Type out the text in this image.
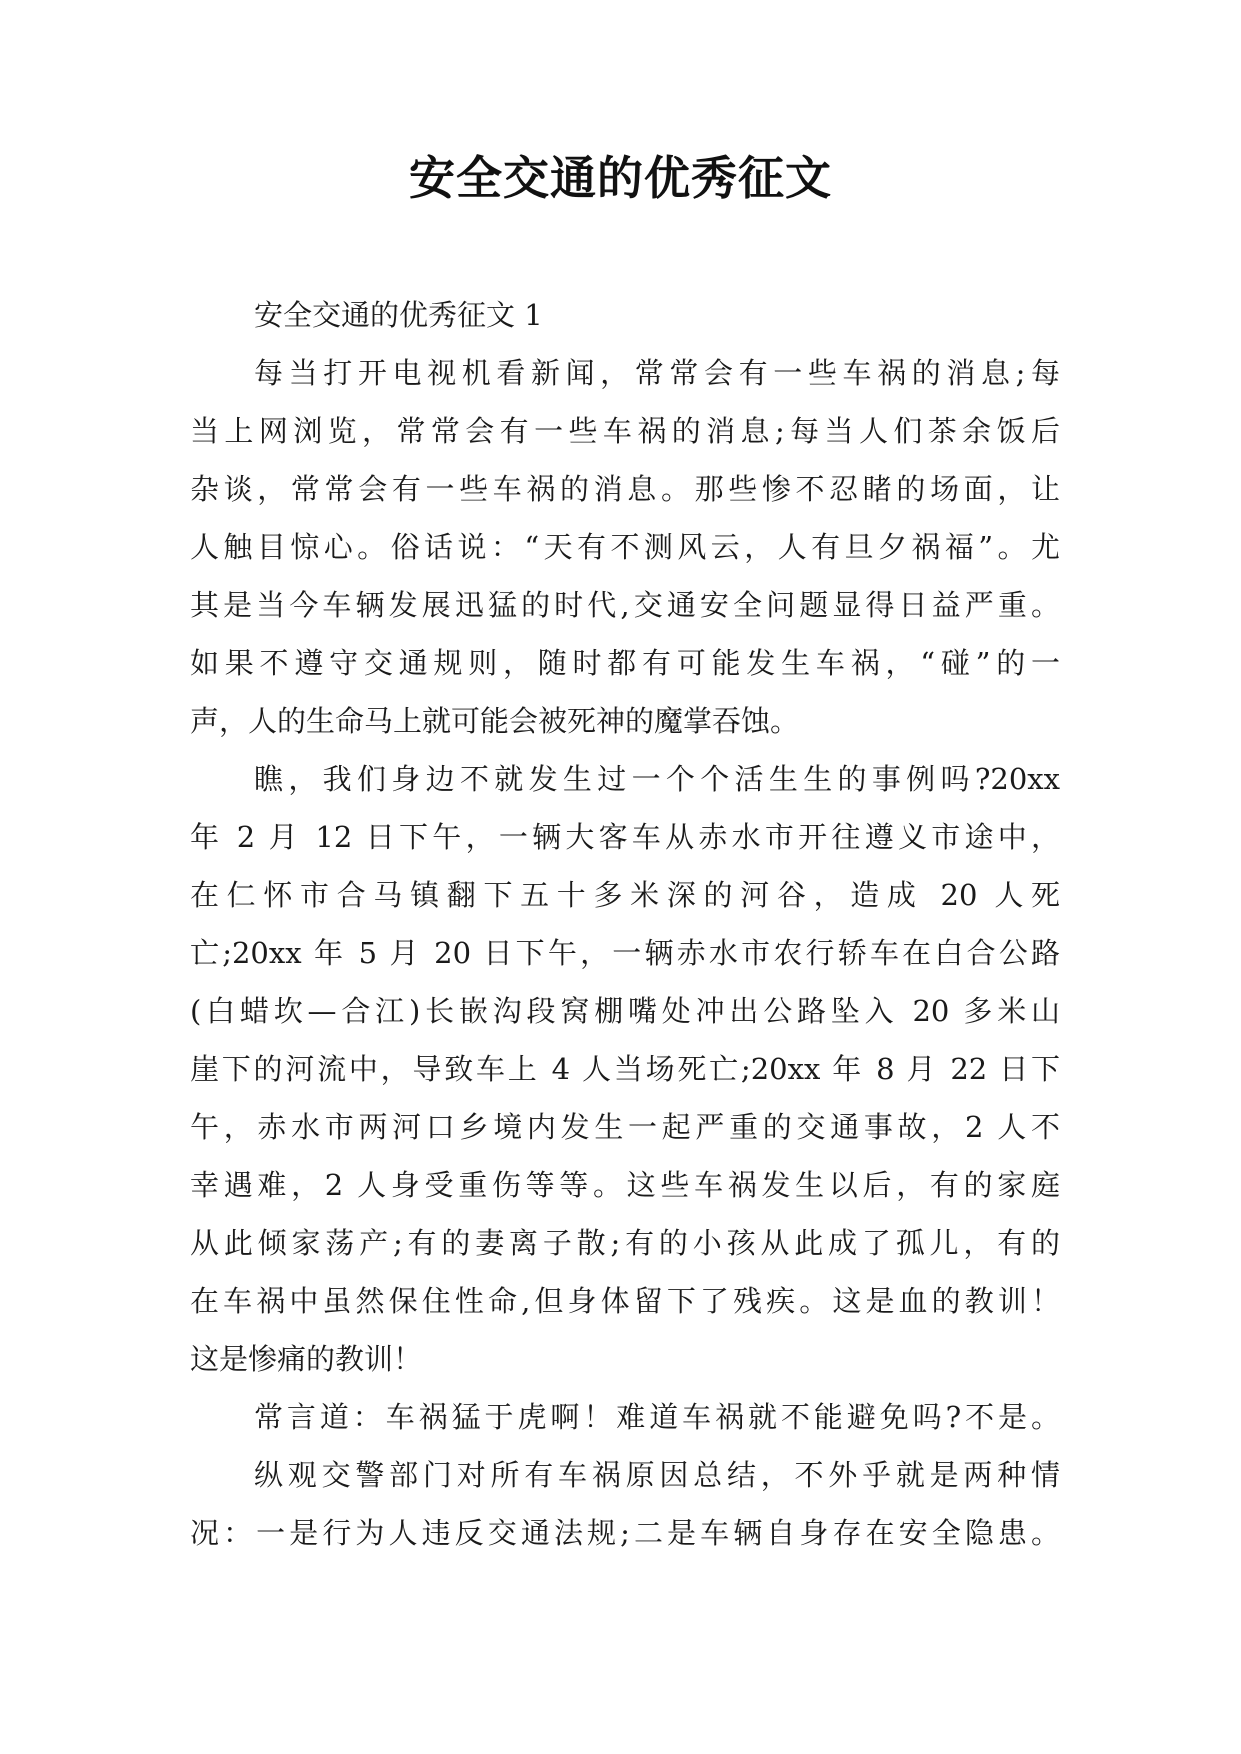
安全交通的优秀征文
安全交通的优秀征文 1
每当打开电视机看新闻，常常会有一些车祸的消息;每
当上网浏览，常常会有一些车祸的消息;每当人们茶余饭后
杂谈，常常会有一些车祸的消息。那些惨不忍睹的场面，让
人触目惊心。俗话说：“天有不测风云，人有旦夕祸福”。尤
其是当今车辆发展迅猛的时代,交通安全问题显得日益严重。
如果不遵守交通规则，随时都有可能发生车祸，“碰”的一
声，人的生命马上就可能会被死神的魔掌吞蚀。
瞧，我们身边不就发生过一个个活生生的事例吗?20xx
年 2 月 12 日下午，一辆大客车从赤水市开往遵义市途中，
在仁怀市合马镇翻下五十多米深的河谷，造成 20 人死
亡;20xx 年 5 月 20 日下午，一辆赤水市农行轿车在白合公路
(白蜡坎—合江)长嵌沟段窝棚嘴处冲出公路坠入 20 多米山
崖下的河流中，导致车上 4 人当场死亡;20xx 年 8 月 22 日下
午，赤水市两河口乡境内发生一起严重的交通事故，2 人不
幸遇难，2 人身受重伤等等。这些车祸发生以后，有的家庭
从此倾家荡产;有的妻离子散;有的小孩从此成了孤儿，有的
在车祸中虽然保住性命,但身体留下了残疾。这是血的教训！
这是惨痛的教训！
常言道：车祸猛于虎啊！难道车祸就不能避免吗?不是。
纵观交警部门对所有车祸原因总结，不外乎就是两种情
况：一是行为人违反交通法规;二是车辆自身存在安全隐患。
